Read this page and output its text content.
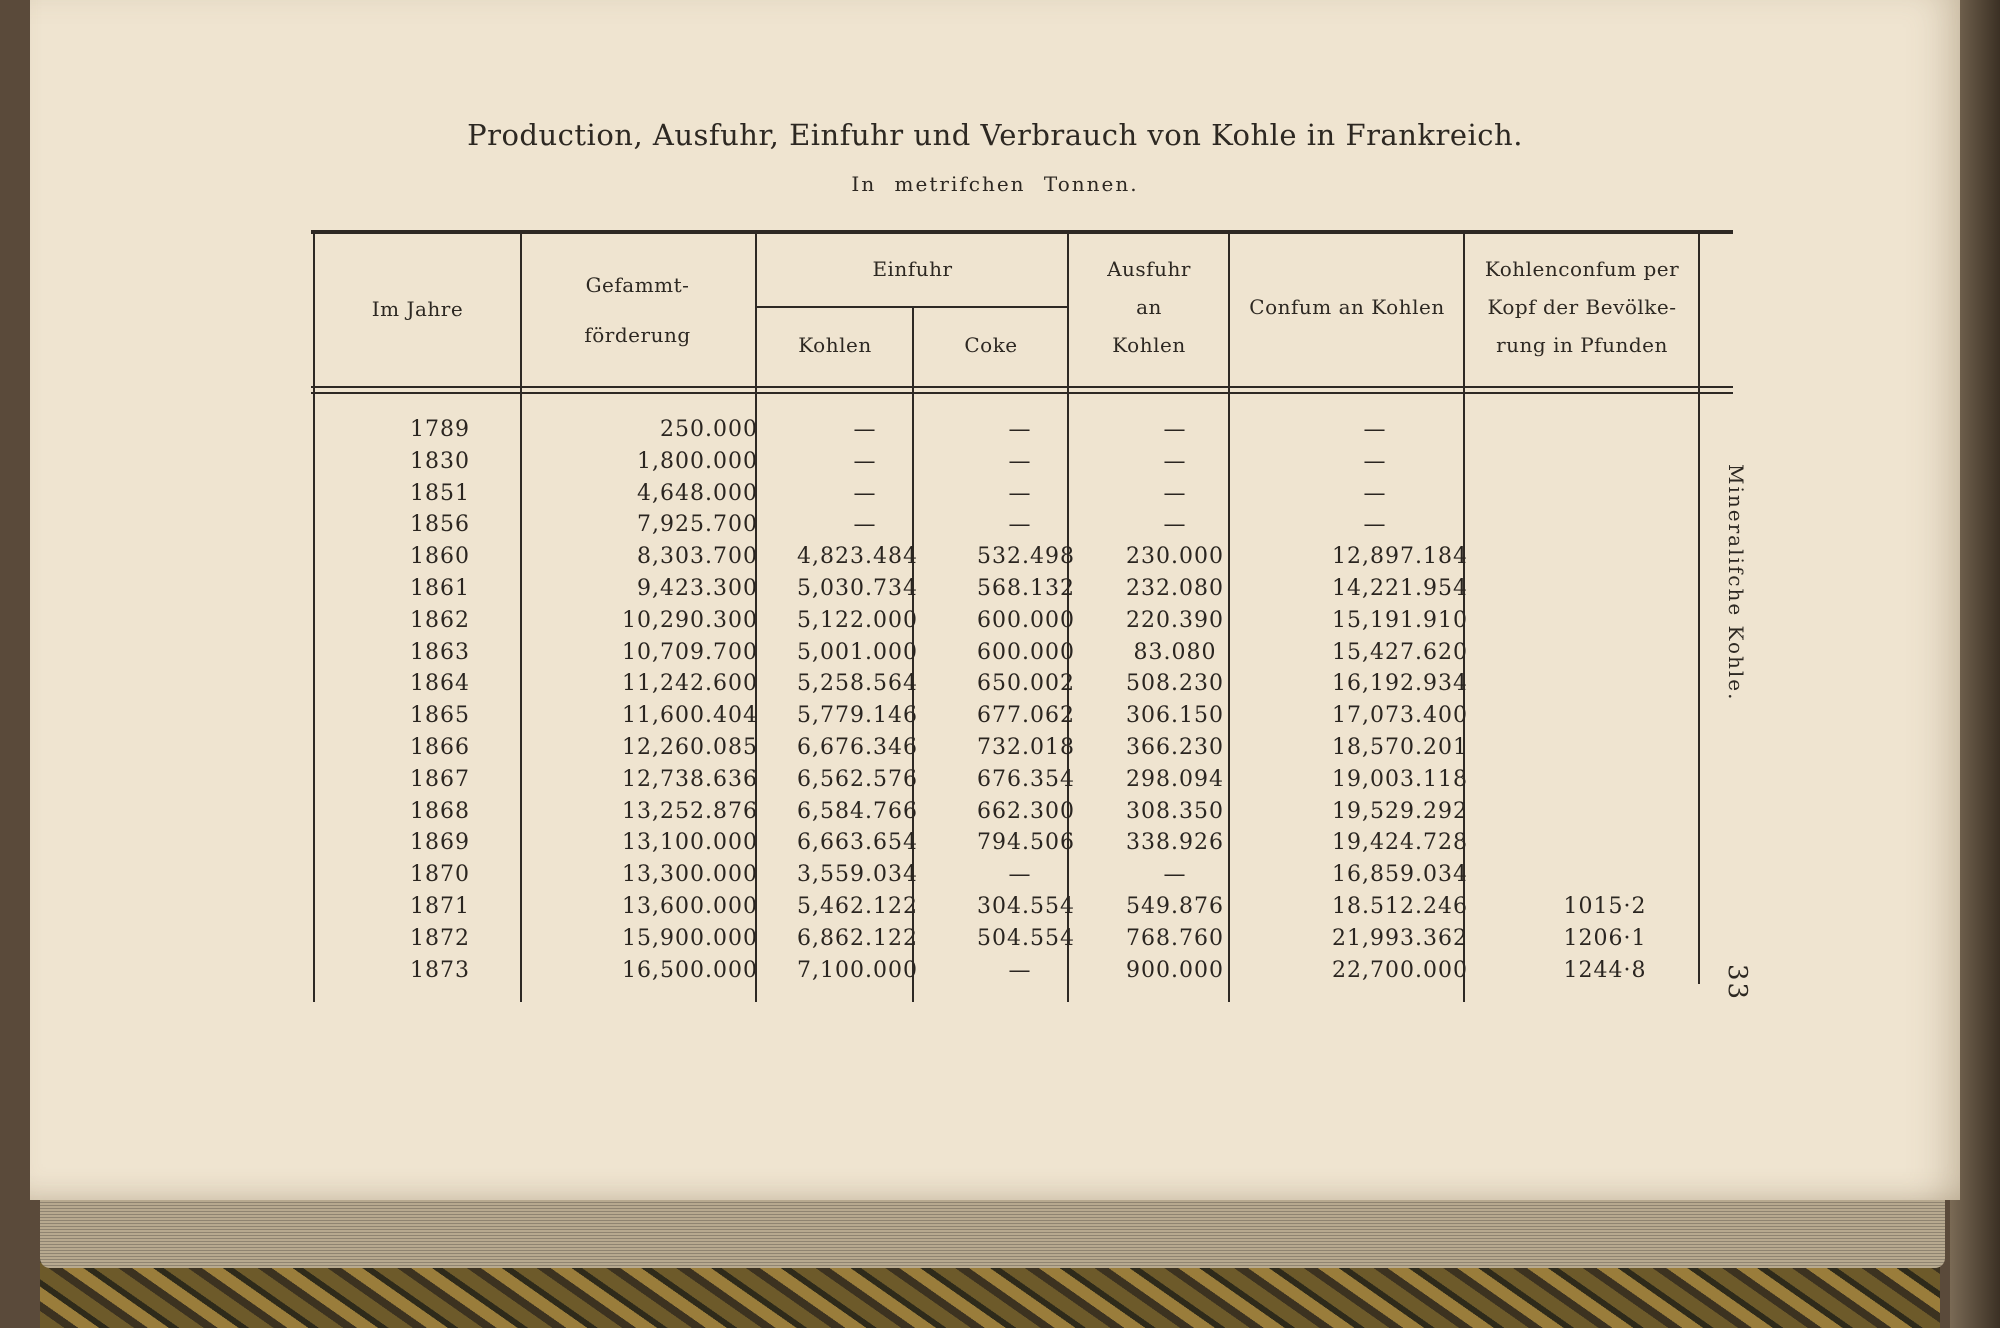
Production, Ausfuhr, Einfuhr und Verbrauch von Kohle in Frankreich.
In metrifchen Tonnen.
Im Jahre
Gefammt-
förderung
Einfuhr
Kohlen	Coke
Ausfuhr
an
Kohlen
Confum an Kohlen
Kohlenconfum per
Kopf der Bevölke-
rung in Pfunden
1789	250.000	—	—	—	—
1830	1,800.000	—	—	—	—
1851	4,648.000	—	—	—	—
1856	7,925.700	—	—	—	—
1860	8,303.700	4,823.484	532.498	230.000	12,897.184
1861	9,423.300	5,030.734	568.132	232.080	14,221.954
1862	10,290.300	5,122.000	600.000	220.390	15,191.910
1863	10,709.700	5,001.000	600.000	83.080	15,427.620
1864	11,242.600	5,258.564	650.002	508.230	16,192.934
1865	11,600.404	5,779.146	677.062	306.150	17,073.400
1866	12,260.085	6,676.346	732.018	366.230	18,570.201
1867	12,738.636	6,562.576	676.354	298.094	19,003.118
1868	13,252.876	6,584.766	662.300	308.350	19,529.292
1869	13,100.000	6,663.654	794.506	338.926	19,424.728
1870	13,300.000	3,559.034	—	—	16,859.034
1871	13,600.000	5,462.122	304.554	549.876	18.512.246	1015·2
1872	15,900.000	6,862.122	504.554	768.760	21,993.362	1206·1
1873	16,500.000	7,100.000	—	900.000	22,700.000	1244·8
Mineralifche Kohle.
33
